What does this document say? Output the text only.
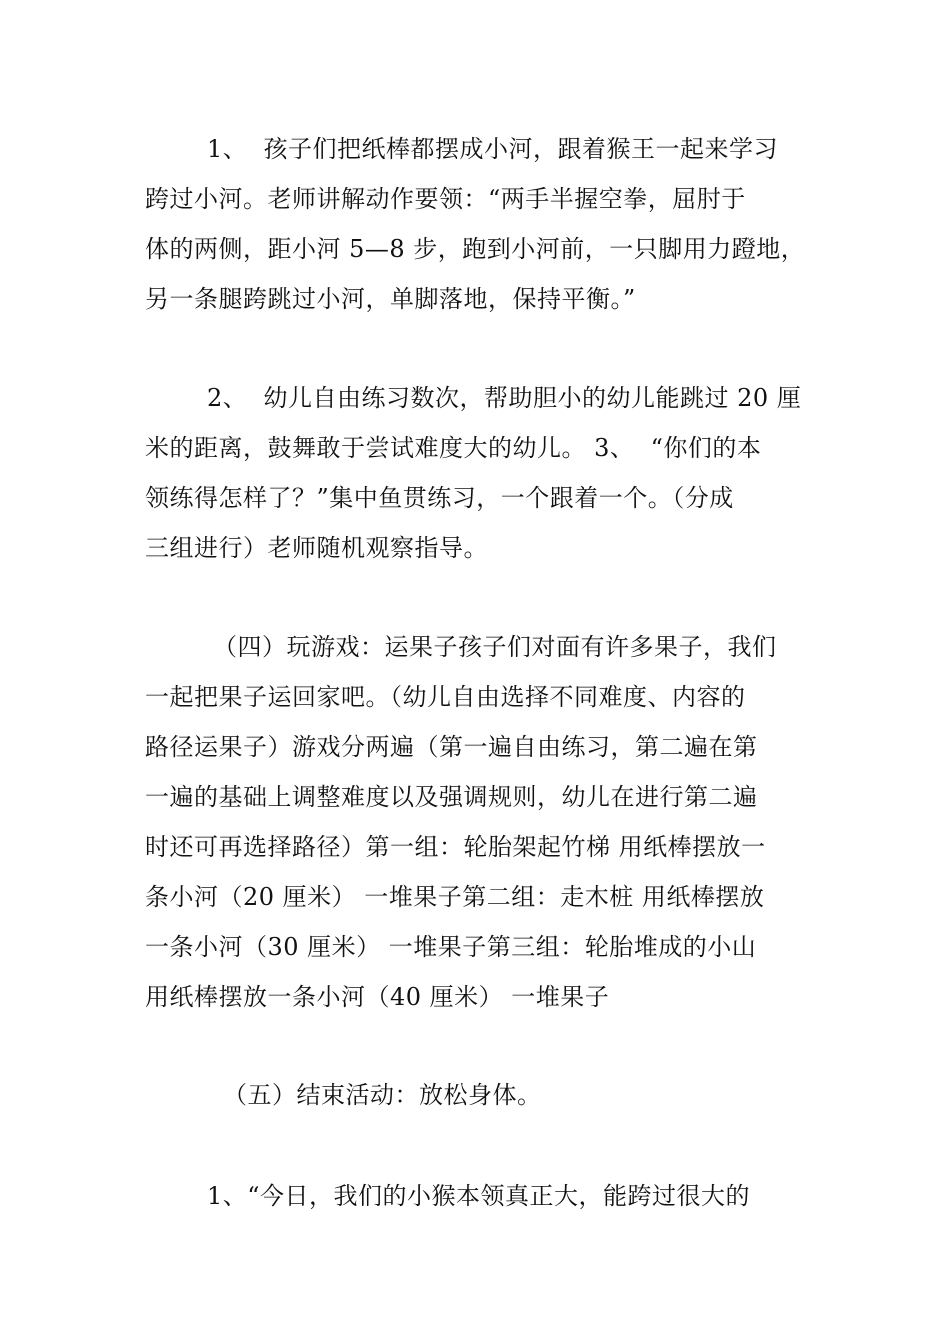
1、  孩子们把纸棒都摆成小河，跟着猴王一起来学习
跨过小河。老师讲解动作要领：“两手半握空拳，屈肘于
体的两侧，距小河 5—8 步，跑到小河前，一只脚用力蹬地，
另一条腿跨跳过小河，单脚落地，保持平衡。”
2、  幼儿自由练习数次，帮助胆小的幼儿能跳过 20 厘
米的距离，鼓舞敢于尝试难度大的幼儿。 3、  “你们的本
领练得怎样了？”集中鱼贯练习，一个跟着一个。（分成
三组进行）老师随机观察指导。
（四）玩游戏：运果子孩子们对面有许多果子，我们
一起把果子运回家吧。（幼儿自由选择不同难度、内容的
路径运果子）游戏分两遍（第一遍自由练习，第二遍在第
一遍的基础上调整难度以及强调规则，幼儿在进行第二遍
时还可再选择路径）第一组：轮胎架起竹梯 用纸棒摆放一
条小河（20 厘米） 一堆果子第二组：走木桩 用纸棒摆放
一条小河（30 厘米） 一堆果子第三组：轮胎堆成的小山
用纸棒摆放一条小河（40 厘米） 一堆果子
（五）结束活动：放松身体。
1、“今日，我们的小猴本领真正大，能跨过很大的
